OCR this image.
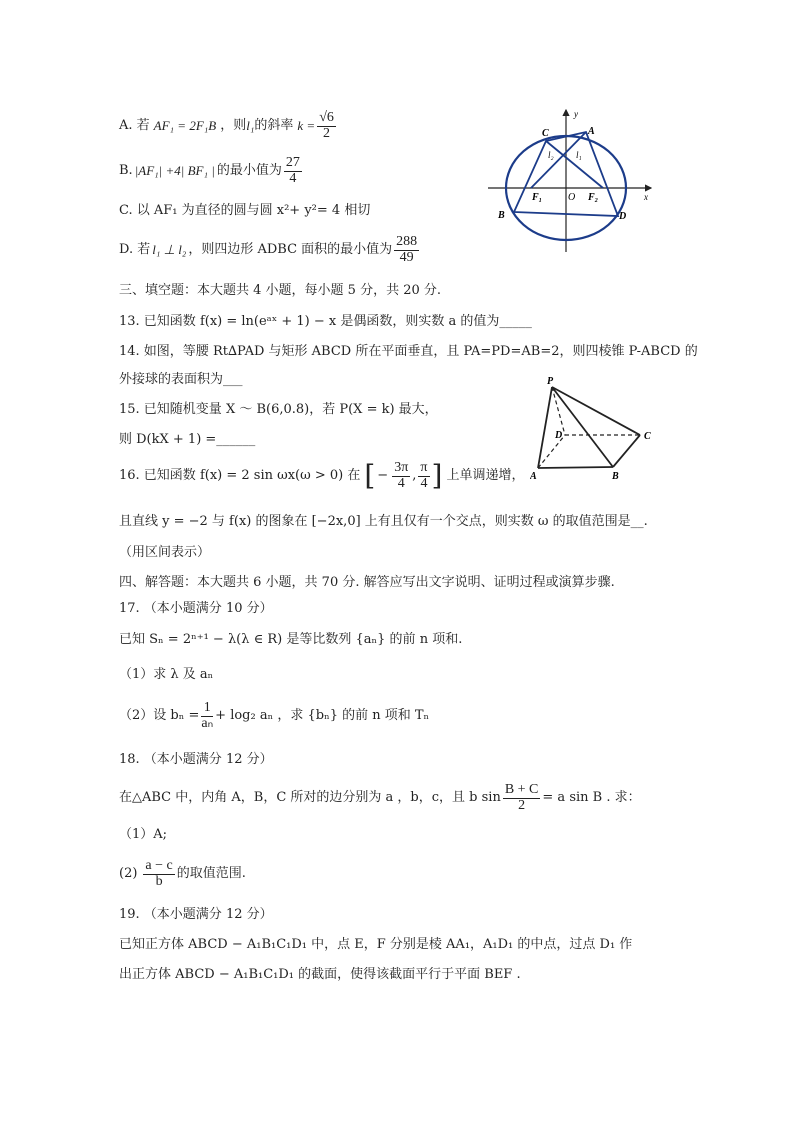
A. 若 AF₁ = 2F₁B ，则 l₁ 的斜率 $k = \frac{√6}{2}$
B. |AF₁| +4| BF₁ | 的最小值为 $\frac{27}{4}$
C. 以 AF₁ 为直径的圆与圆 x²+ y²= 4 相切
D. 若 l₁ ⊥ l₂ ，则四边形 ADBC 面积的最小值为 $\frac{288}{49}$
y
x
O
C	A
l₂ l₁
F₁	F₂
B	D
三、填空题：本大题共 4 小题，每小题 5 分，共 20 分.
13. 已知函数 f(x) = ln(eᵃˣ + 1) − x 是偶函数，则实数 a 的值为_____
14. 如图，等腰 Rt∆PAD 与矩形 ABCD 所在平面垂直，且 PA=PD=AB=2，则四棱锥 P-ABCD 的
外接球的表面积为___
15. 已知随机变量 X ～ B(6,0.8)，若 P(X = k) 最大，
则 D(kX + 1) =______
P
D	C
A	B
16. 已知函数 f(x) = 2 sin ωx(ω > 0) 在 [ − $\frac{3\pi}{4}$ , $\frac{\pi}{4}$ ] 上单调递增，
且直线 y = −2 与 f(x) 的图象在 [−2x,0] 上有且仅有一个交点，则实数 ω 的取值范围是__.
（用区间表示）
四、解答题：本大题共 6 小题，共 70 分. 解答应写出文字说明、证明过程或演算步骤.
17. （本小题满分 10 分）
已知 Sₙ = 2ⁿ⁺¹ − λ(λ ∈ R) 是等比数列 {aₙ} 的前 n 项和.
（1）求 λ 及 aₙ
（2）设 $b_n = \frac{1}{\text{aₙ}} + \log_2$ aₙ ，求 {bₙ} 的前 n 项和 Tₙ
18. （本小题满分 12 分）
在△ABC 中，内角 A，B，C 所对的边分别为 a ，b，c，且 b $\sin \frac{B + C}{2} = a$ sin B . 求：
（1）A;
$(2) \frac{a - c}{b}$ 的取值范围.
19. （本小题满分 12 分）
已知正方体 ABCD − A₁B₁C₁D₁ 中，点 E，F 分别是棱 AA₁，A₁D₁ 的中点，过点 D₁ 作
出正方体 ABCD − A₁B₁C₁D₁ 的截面，使得该截面平行于平面 BEF .
